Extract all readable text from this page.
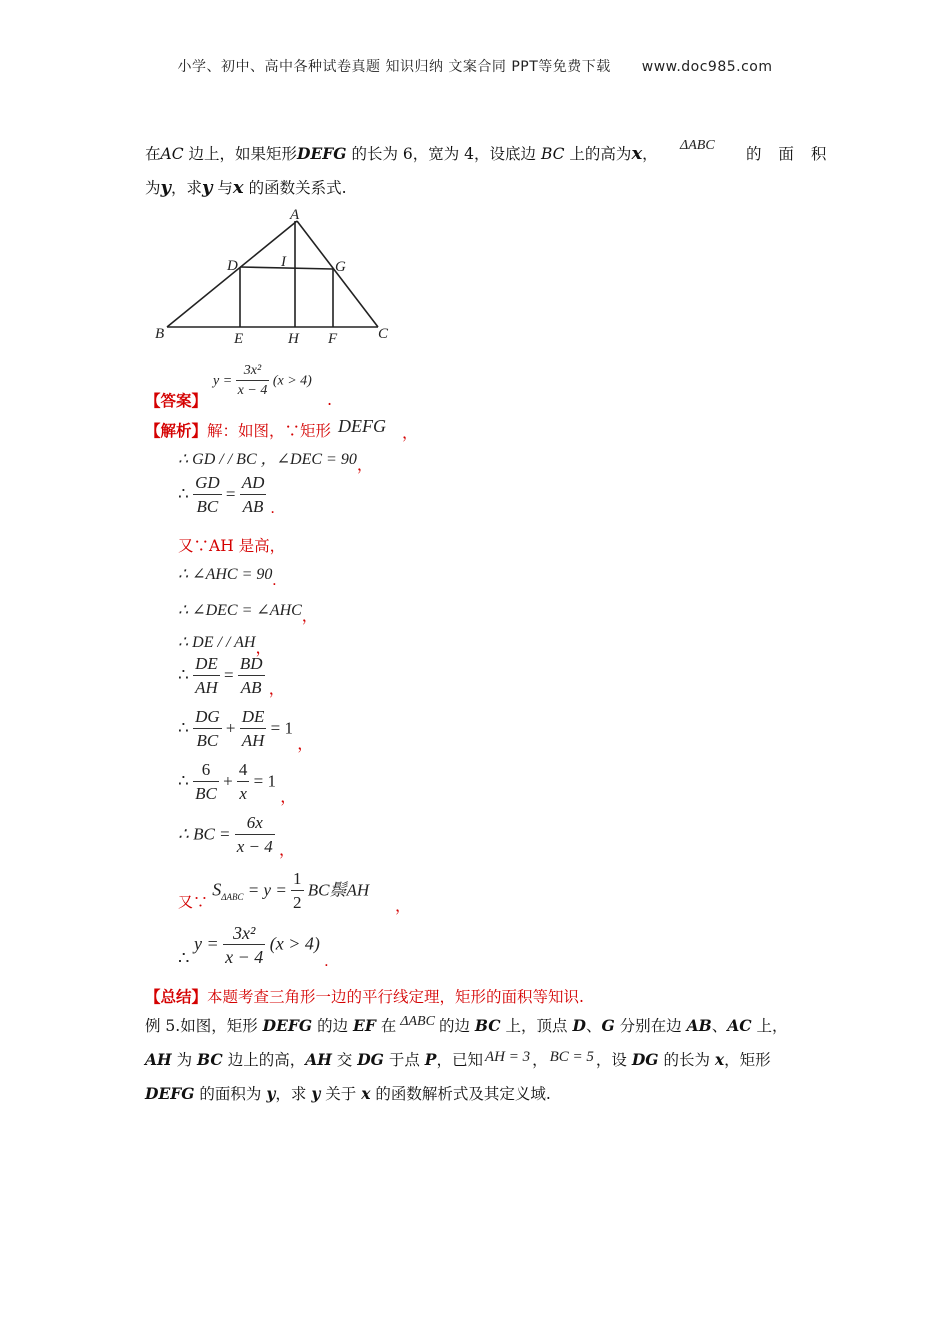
小学、初中、高中各种试卷真题 知识归纳 文案合同 PPT等免费下载 www.doc985.com
在AC 边上，如果矩形DEFG 的长为 6，宽为 4，设底边 BC 上的高为x， ΔABC 的 面 积
为y，求y 与x 的函数关系式.
A
D	I	G
B	E	H F	C
【答案】
$y = \frac{\text{3x²}}{x - 4} (x > 4)$
.
【解析】解：如图，∵矩形 DEFG ，
∴ GD / / BC ，∠DEC = 90，
∴ $\frac{GD}{BC} = \frac{AD}{AB}$ .
又∵AH 是高，
∴ ∠AHC = 90.
∴ ∠DEC = ∠AHC，
∴ DE / / AH，
∴ $\frac{DE}{AH} = \frac{BD}{AB}$ ，
∴ $\frac{DG}{BC} + \frac{DE}{AH} = 1$ ，
∴ $\frac{6}{BC} + \frac{4}{x} = 1$ ，
∴ BC = $\frac{6x}{x - 4}$ ，
又∵ $S_{\Delta ABC} = y = \frac{1}{2}$ BC鬃AH
，
∴ $y = \frac{\text{3x²}}{x - 4} (x > 4)$ .
【总结】本题考查三角形一边的平行线定理，矩形的面积等知识.
例 5.如图，矩形 DEFG 的边 EF 在 ΔABC 的边 BC 上，顶点 D、G 分别在边 AB、AC 上，
AH 为 BC 边上的高，AH 交 DG 于点 P，已知 AH = 3 ， BC = 5 ，设 DG 的长为 x，矩形
DEFG 的面积为 y，求 y 关于 x 的函数解析式及其定义域.
